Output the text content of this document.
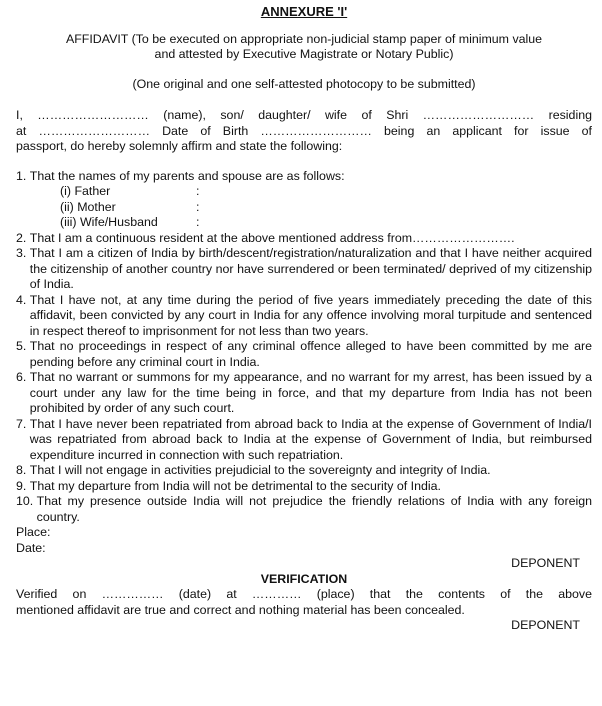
ANNEXURE 'I'
AFFIDAVIT (To be executed on appropriate non-judicial stamp paper of minimum value
and attested by Executive Magistrate or Notary Public)
(One original and one self-attested photocopy to be submitted)
I, ……………………… (name), son/ daughter/ wife of Shri ……………………… residing
at ……………………… Date of Birth ……………………… being an applicant for issue of
passport, do hereby solemnly affirm and state the following:
1. That the names of my parents and spouse are as follows:
(i) Father	:
(ii) Mother	:
(iii) Wife/Husband	:
2. That I am a continuous resident at the above mentioned address from…………………….
3. That I am a citizen of India by birth/descent/registration/naturalization and that I have neither acquired the citizenship of another country nor have surrendered or been terminated/ deprived of my citizenship of India.
4. That I have not, at any time during the period of five years immediately preceding the date of this affidavit, been convicted by any court in India for any offence involving moral turpitude and sentenced in respect thereof to imprisonment for not less than two years.
5. That no proceedings in respect of any criminal offence alleged to have been committed by me are pending before any criminal court in India.
6. That no warrant or summons for my appearance, and no warrant for my arrest, has been issued by a court under any law for the time being in force, and that my departure from India has not been prohibited by order of any such court.
7. That I have never been repatriated from abroad back to India at the expense of Government of India/I was repatriated from abroad back to India at the expense of Government of India, but reimbursed expenditure incurred in connection with such repatriation.
8. That I will not engage in activities prejudicial to the sovereignty and integrity of India.
9. That my departure from India will not be detrimental to the security of India.
10. That my presence outside India will not prejudice the friendly relations of India with any foreign country.
Place:
Date:
DEPONENT
VERIFICATION
Verified on …………… (date) at ………… (place) that the contents of the above
mentioned affidavit are true and correct and nothing material has been concealed.
DEPONENT
